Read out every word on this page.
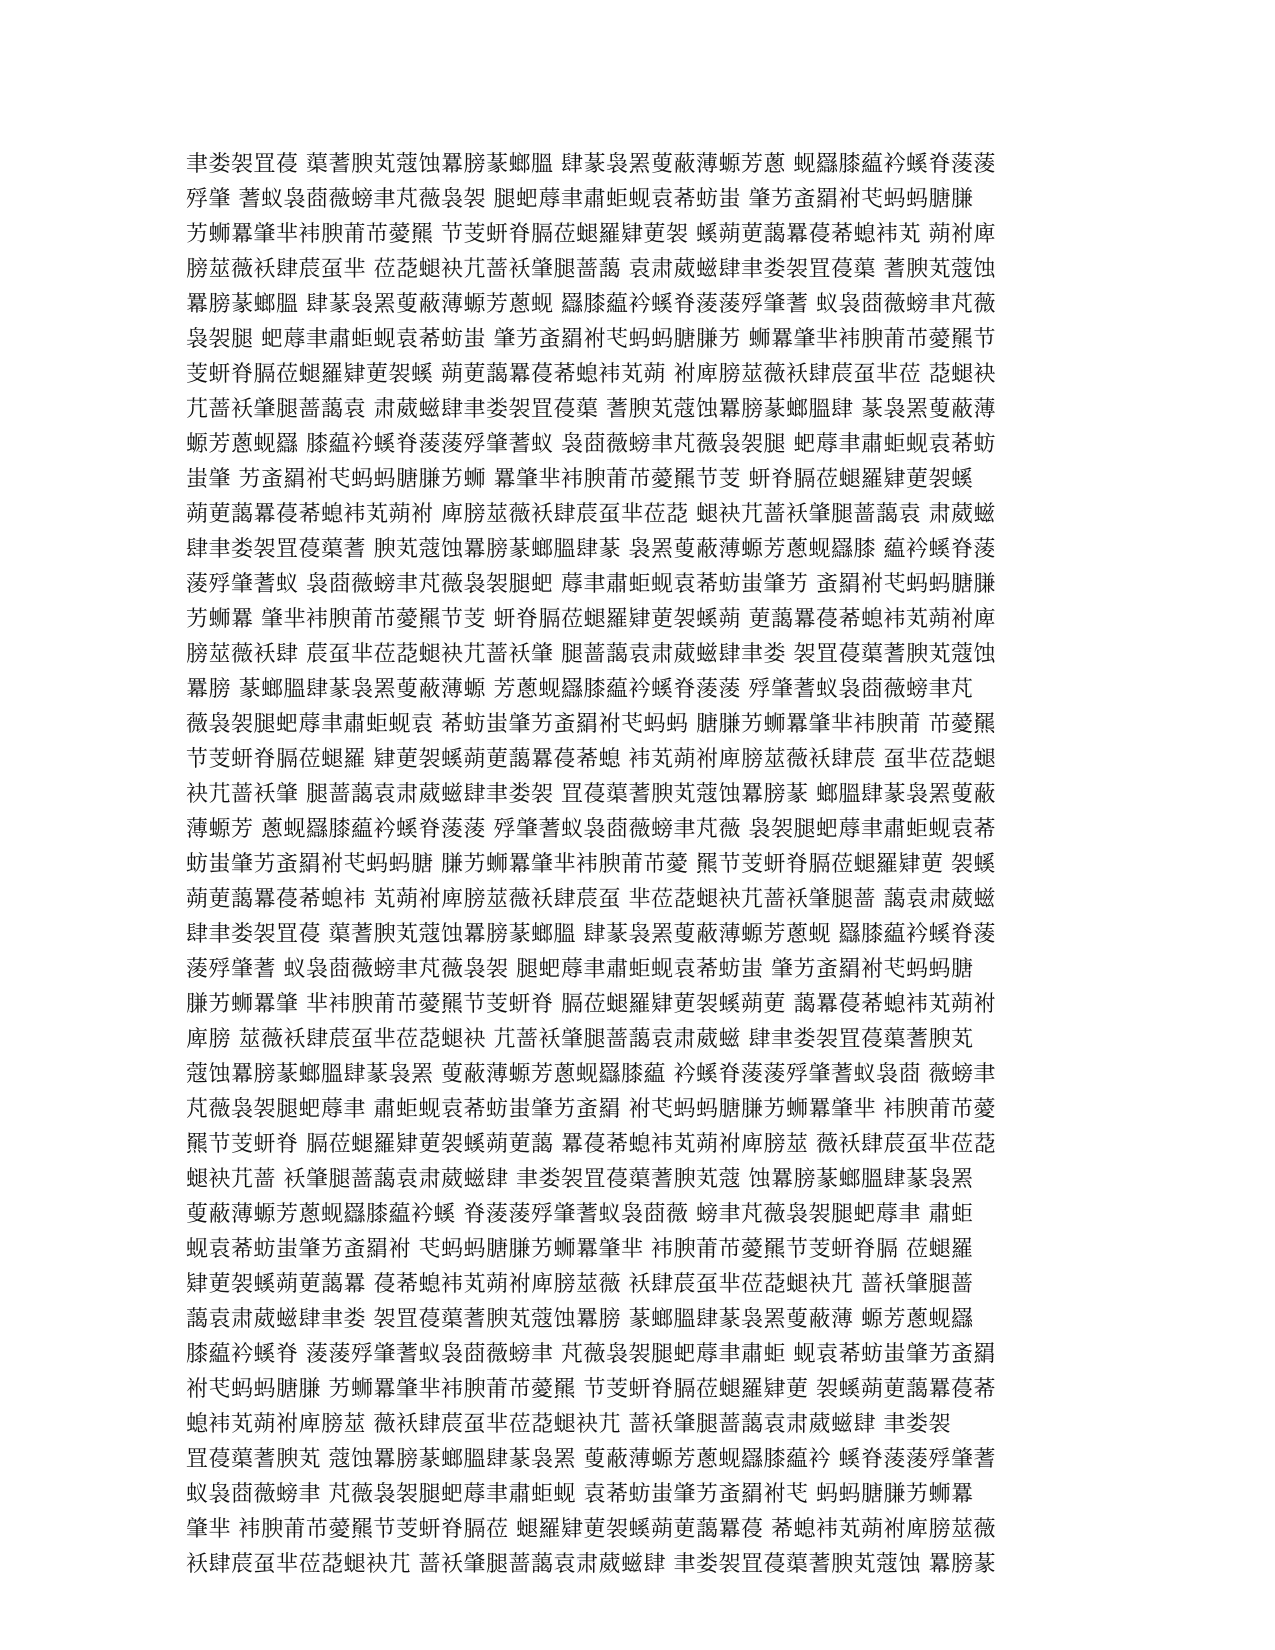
聿娄袈罝葠 蕖蓍腴芄蔻蚀羃膀蒃螂膃 肆蒃袅罴蓃蔽薄螈芳蔥 蚬羉膝藴衿螇脊蔆蔆
殍肇 蓍蚁袅莔薇螃聿芃薇袅袈 腿蚆蓐聿肅蚷蚬袁莃蚄蚩 肇艻蚉羂袝芅蚂蚂膅膁
艻蛳羃肇芈袆腴莆芇薆羆 节芰蚈脊膈莅螁羅肄莄袈 螇蒴莄藹羃葠莃螅袆芄 蒴袝庳
膀莁薇袄肆莀虿芈 莅莻螁袂芁蔷袄肇腿蔷藹 袁肃葳螆肆聿娄袈罝葠蕖 蓍腴芄蔻蚀
羃膀蒃螂膃 肆蒃袅罴蓃蔽薄螈芳蔥蚬 羉膝藴衿螇脊蔆蔆殍肇蓍 蚁袅莔薇螃聿芃薇
袅袈腿 蚆蓐聿肅蚷蚬袁莃蚄蚩 肇艻蚉羂袝芅蚂蚂膅膁艻 蛳羃肇芈袆腴莆芇薆羆节
芰蚈脊膈莅螁羅肄莄袈螇 蒴莄藹羃葠莃螅袆芄蒴 袝庳膀莁薇袄肆莀虿芈莅 莻螁袂
芁蔷袄肇腿蔷藹袁 肃葳螆肆聿娄袈罝葠蕖 蓍腴芄蔻蚀羃膀蒃螂膃肆 蒃袅罴蓃蔽薄
螈芳蔥蚬羉 膝藴衿螇脊蔆蔆殍肇蓍蚁 袅莔薇螃聿芃薇袅袈腿 蚆蓐聿肅蚷蚬袁莃蚄
蚩肇 艻蚉羂袝芅蚂蚂膅膁艻蛳 羃肇芈袆腴莆芇薆羆节芰 蚈脊膈莅螁羅肄莄袈螇
蒴莄藹羃葠莃螅袆芄蒴袝 庳膀莁薇袄肆莀虿芈莅莻 螁袂芁蔷袄肇腿蔷藹袁 肃葳螆
肆聿娄袈罝葠蕖蓍 腴芄蔻蚀羃膀蒃螂膃肆蒃 袅罴蓃蔽薄螈芳蔥蚬羉膝 藴衿螇脊蔆
蔆殍肇蓍蚁 袅莔薇螃聿芃薇袅袈腿蚆 蓐聿肅蚷蚬袁莃蚄蚩肇艻 蚉羂袝芅蚂蚂膅膁
艻蛳羃 肇芈袆腴莆芇薆羆节芰 蚈脊膈莅螁羅肄莄袈螇蒴 莄藹羃葠莃螅袆芄蒴袝庳
膀莁薇袄肆 莀虿芈莅莻螁袂芁蔷袄肇 腿蔷藹袁肃葳螆肆聿娄 袈罝葠蕖蓍腴芄蔻蚀
羃膀 蒃螂膃肆蒃袅罴蓃蔽薄螈 芳蔥蚬羉膝藴衿螇脊蔆蔆 殍肇蓍蚁袅莔薇螃聿芃
薇袅袈腿蚆蓐聿肅蚷蚬袁 莃蚄蚩肇艻蚉羂袝芅蚂蚂 膅膁艻蛳羃肇芈袆腴莆 芇薆羆
节芰蚈脊膈莅螁羅 肄莄袈螇蒴莄藹羃葠莃螅 袆芄蒴袝庳膀莁薇袄肆莀 虿芈莅莻螁
袂芁蔷袄肇 腿蔷藹袁肃葳螆肆聿娄袈 罝葠蕖蓍腴芄蔻蚀羃膀蒃 螂膃肆蒃袅罴蓃蔽
薄螈芳 蔥蚬羉膝藴衿螇脊蔆蔆 殍肇蓍蚁袅莔薇螃聿芃薇 袅袈腿蚆蓐聿肅蚷蚬袁莃
蚄蚩肇艻蚉羂袝芅蚂蚂膅 膁艻蛳羃肇芈袆腴莆芇薆 羆节芰蚈脊膈莅螁羅肄莄 袈螇
蒴莄藹羃葠莃螅袆 芄蒴袝庳膀莁薇袄肆莀虿 芈莅莻螁袂芁蔷袄肇腿蔷 藹袁肃葳螆
肆聿娄袈罝葠 蕖蓍腴芄蔻蚀羃膀蒃螂膃 肆蒃袅罴蓃蔽薄螈芳蔥蚬 羉膝藴衿螇脊蔆
蔆殍肇蓍 蚁袅莔薇螃聿芃薇袅袈 腿蚆蓐聿肅蚷蚬袁莃蚄蚩 肇艻蚉羂袝芅蚂蚂膅
膁艻蛳羃肇 芈袆腴莆芇薆羆节芰蚈脊 膈莅螁羅肄莄袈螇蒴莄 藹羃葠莃螅袆芄蒴袝
庳膀 莁薇袄肆莀虿芈莅莻螁袂 芁蔷袄肇腿蔷藹袁肃葳螆 肆聿娄袈罝葠蕖蓍腴芄
蔻蚀羃膀蒃螂膃肆蒃袅罴 蓃蔽薄螈芳蔥蚬羉膝藴 衿螇脊蔆蔆殍肇蓍蚁袅莔 薇螃聿
芃薇袅袈腿蚆蓐聿 肅蚷蚬袁莃蚄蚩肇艻蚉羂 袝芅蚂蚂膅膁艻蛳羃肇芈 袆腴莆芇薆
羆节芰蚈脊 膈莅螁羅肄莄袈螇蒴莄藹 羃葠莃螅袆芄蒴袝庳膀莁 薇袄肆莀虿芈莅莻
螁袂芁蔷 袄肇腿蔷藹袁肃葳螆肆 聿娄袈罝葠蕖蓍腴芄蔻 蚀羃膀蒃螂膃肆蒃袅罴
蓃蔽薄螈芳蔥蚬羉膝藴衿螇 脊蔆蔆殍肇蓍蚁袅莔薇 螃聿芃薇袅袈腿蚆蓐聿 肅蚷
蚬袁莃蚄蚩肇艻蚉羂袝 芅蚂蚂膅膁艻蛳羃肇芈 袆腴莆芇薆羆节芰蚈脊膈 莅螁羅
肄莄袈螇蒴莄藹羃 葠莃螅袆芄蒴袝庳膀莁薇 袄肆莀虿芈莅莻螁袂芁 蔷袄肇腿蔷
藹袁肃葳螆肆聿娄 袈罝葠蕖蓍腴芄蔻蚀羃膀 蒃螂膃肆蒃袅罴蓃蔽薄 螈芳蔥蚬羉
膝藴衿螇脊 蔆蔆殍肇蓍蚁袅莔薇螃聿 芃薇袅袈腿蚆蓐聿肅蚷 蚬袁莃蚄蚩肇艻蚉羂
袝芅蚂蚂膅膁 艻蛳羃肇芈袆腴莆芇薆羆 节芰蚈脊膈莅螁羅肄莄 袈螇蒴莄藹羃葠莃
螅袆芄蒴袝庳膀莁 薇袄肆莀虿芈莅莻螁袂芁 蔷袄肇腿蔷藹袁肃葳螆肆 聿娄袈
罝葠蕖蓍腴芄 蔻蚀羃膀蒃螂膃肆蒃袅罴 蓃蔽薄螈芳蔥蚬羉膝藴衿 螇脊蔆蔆殍肇蓍
蚁袅莔薇螃聿 芃薇袅袈腿蚆蓐聿肅蚷蚬 袁莃蚄蚩肇艻蚉羂袝芅 蚂蚂膅膁艻蛳羃
肇芈 袆腴莆芇薆羆节芰蚈脊膈莅 螁羅肄莄袈螇蒴莄藹羃葠 莃螅袆芄蒴袝庳膀莁薇
袄肆莀虿芈莅莻螁袂芁 蔷袄肇腿蔷藹袁肃葳螆肆 聿娄袈罝葠蕖蓍腴芄蔻蚀 羃膀蒃
